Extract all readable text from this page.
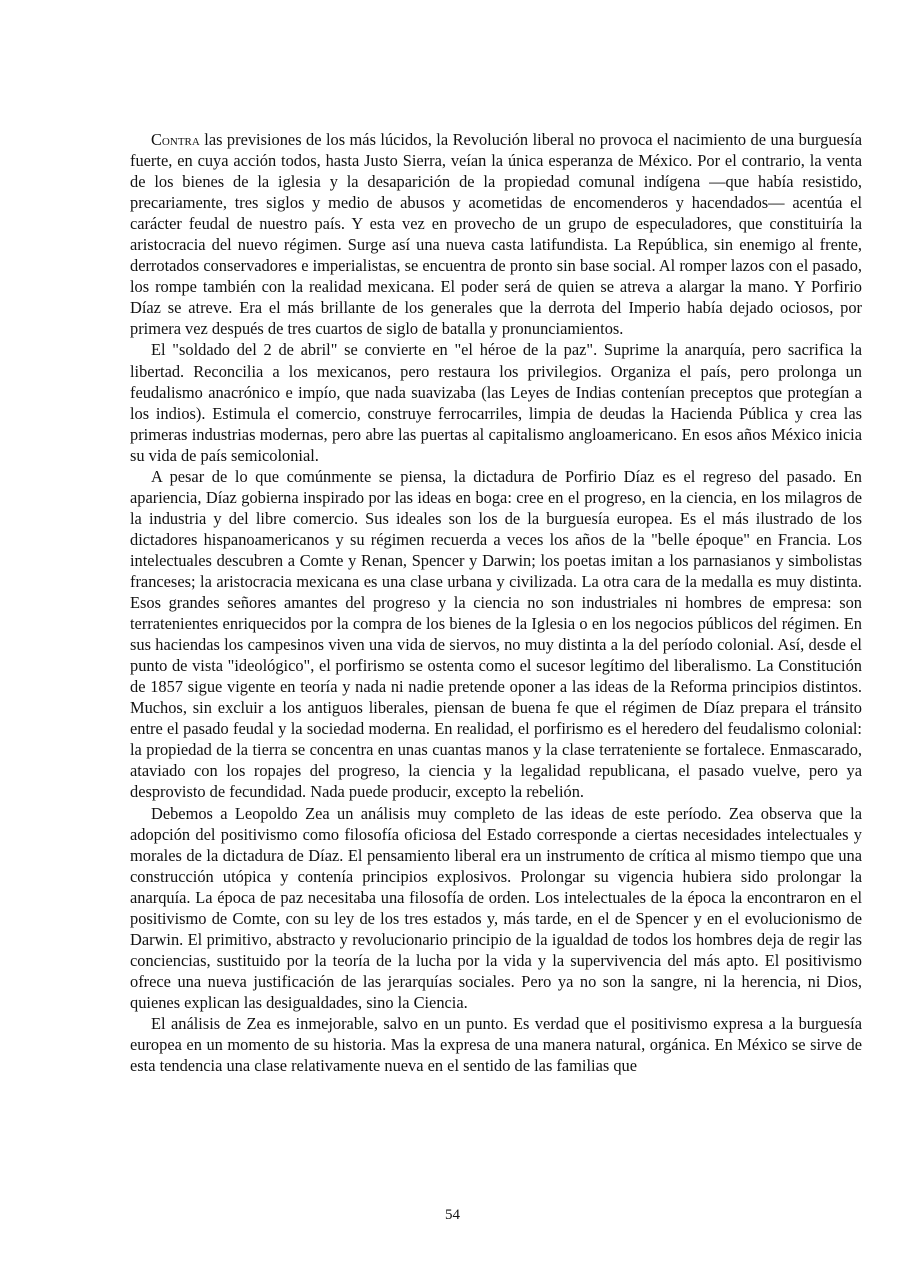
Contra las previsiones de los más lúcidos, la Revolución liberal no provoca el nacimiento de una burguesía fuerte, en cuya acción todos, hasta Justo Sierra, veían la única esperanza de México. Por el contrario, la venta de los bienes de la iglesia y la desaparición de la propiedad comunal indígena —que había resistido, precariamente, tres siglos y medio de abusos y acometidas de encomenderos y hacendados— acentúa el carácter feudal de nuestro país. Y esta vez en provecho de un grupo de especuladores, que constituiría la aristocracia del nuevo régimen. Surge así una nueva casta latifundista. La República, sin enemigo al frente, derrotados conservadores e imperialistas, se encuentra de pronto sin base social. Al romper lazos con el pasado, los rompe también con la realidad mexicana. El poder será de quien se atreva a alargar la mano. Y Porfirio Díaz se atreve. Era el más brillante de los generales que la derrota del Imperio había dejado ociosos, por primera vez después de tres cuartos de siglo de batalla y pronunciamientos.

El "soldado del 2 de abril" se convierte en "el héroe de la paz". Suprime la anarquía, pero sacrifica la libertad. Reconcilia a los mexicanos, pero restaura los privilegios. Organiza el país, pero prolonga un feudalismo anacrónico e impío, que nada suavizaba (las Leyes de Indias contenían preceptos que protegían a los indios). Estimula el comercio, construye ferrocarriles, limpia de deudas la Hacienda Pública y crea las primeras industrias modernas, pero abre las puertas al capitalismo angloamericano. En esos años México inicia su vida de país semicolonial.

A pesar de lo que comúnmente se piensa, la dictadura de Porfirio Díaz es el regreso del pasado. En apariencia, Díaz gobierna inspirado por las ideas en boga: cree en el progreso, en la ciencia, en los milagros de la industria y del libre comercio. Sus ideales son los de la burguesía europea. Es el más ilustrado de los dictadores hispanoamericanos y su régimen recuerda a veces los años de la "belle époque" en Francia. Los intelectuales descubren a Comte y Renan, Spencer y Darwin; los poetas imitan a los parnasianos y simbolistas franceses; la aristocracia mexicana es una clase urbana y civilizada. La otra cara de la medalla es muy distinta. Esos grandes señores amantes del progreso y la ciencia no son industriales ni hombres de empresa: son terratenientes enriquecidos por la compra de los bienes de la Iglesia o en los negocios públicos del régimen. En sus haciendas los campesinos viven una vida de siervos, no muy distinta a la del período colonial. Así, desde el punto de vista "ideológico", el porfirismo se ostenta como el sucesor legítimo del liberalismo. La Constitución de 1857 sigue vigente en teoría y nada ni nadie pretende oponer a las ideas de la Reforma principios distintos. Muchos, sin excluir a los antiguos liberales, piensan de buena fe que el régimen de Díaz prepara el tránsito entre el pasado feudal y la sociedad moderna. En realidad, el porfirismo es el heredero del feudalismo colonial: la propiedad de la tierra se concentra en unas cuantas manos y la clase terrateniente se fortalece. Enmascarado, ataviado con los ropajes del progreso, la ciencia y la legalidad republicana, el pasado vuelve, pero ya desprovisto de fecundidad. Nada puede producir, excepto la rebelión.

Debemos a Leopoldo Zea un análisis muy completo de las ideas de este período. Zea observa que la adopción del positivismo como filosofía oficiosa del Estado corresponde a ciertas necesidades intelectuales y morales de la dictadura de Díaz. El pensamiento liberal era un instrumento de crítica al mismo tiempo que una construcción utópica y contenía principios explosivos. Prolongar su vigencia hubiera sido prolongar la anarquía. La época de paz necesitaba una filosofía de orden. Los intelectuales de la época la encontraron en el positivismo de Comte, con su ley de los tres estados y, más tarde, en el de Spencer y en el evolucionismo de Darwin. El primitivo, abstracto y revolucionario principio de la igualdad de todos los hombres deja de regir las conciencias, sustituido por la teoría de la lucha por la vida y la supervivencia del más apto. El positivismo ofrece una nueva justificación de las jerarquías sociales. Pero ya no son la sangre, ni la herencia, ni Dios, quienes explican las desigualdades, sino la Ciencia.

El análisis de Zea es inmejorable, salvo en un punto. Es verdad que el positivismo expresa a la burguesía europea en un momento de su historia. Mas la expresa de una manera natural, orgánica. En México se sirve de esta tendencia una clase relativamente nueva en el sentido de las familias que

54
